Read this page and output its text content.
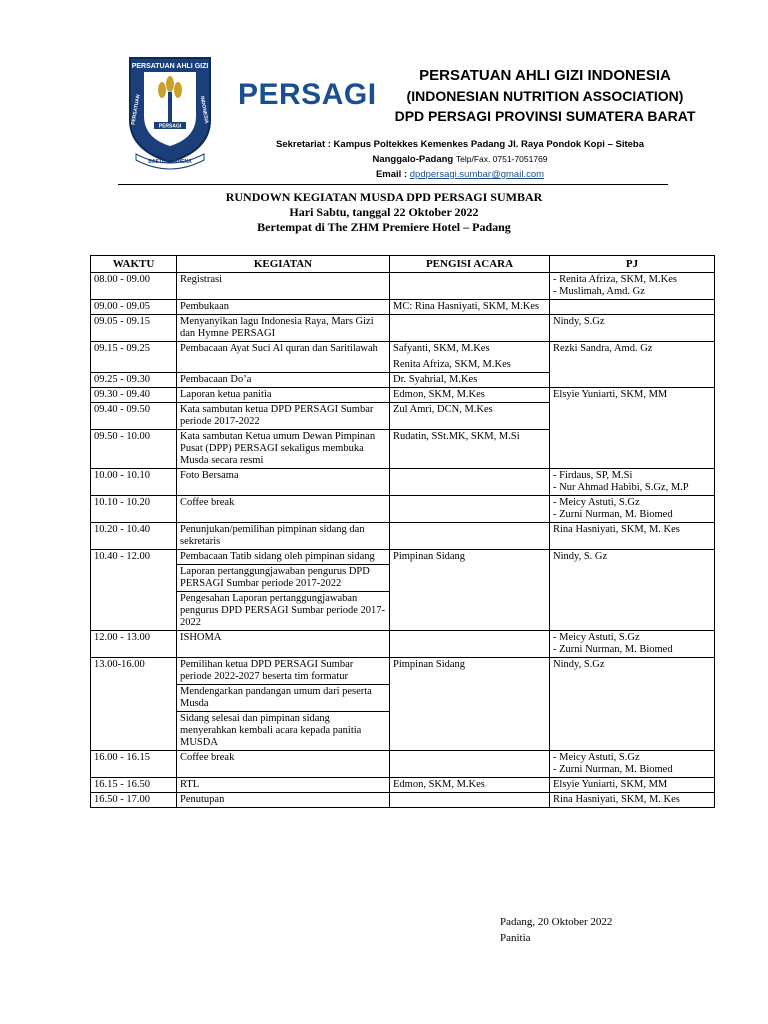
PERSATUAN AHLI GIZI
PERSATUAN	INDONESIA
PERSAGI
BASTHA NAHENA
PERSAGI
PERSATUAN AHLI GIZI INDONESIA
(INDONESIAN NUTRITION ASSOCIATION)
DPD PERSAGI PROVINSI SUMATERA BARAT
Sekretariat : Kampus Poltekkes Kemenkes Padang Jl. Raya Pondok Kopi – Siteba
Nanggalo-Padang Telp/Fax. 0751-7051769
Email : dpdpersagi.sumbar@gmail.com
RUNDOWN KEGIATAN MUSDA DPD PERSAGI SUMBAR
Hari Sabtu, tanggal 22 Oktober 2022
Bertempat di The ZHM Premiere Hotel – Padang
WAKTU	KEGIATAN	PENGISI ACARA	PJ
08.00 - 09.00	Registrasi		- Renita Afriza, SKM, M.Kes
- Muslimah, Amd. Gz

09.00 - 09.05	Pembukaan	MC: Rina Hasniyati, SKM, M.Kes	
09.05 - 09.15	Menyanyikan lagu Indonesia Raya, Mars Gizi dan Hymne PERSAGI		Nindy, S.Gz
09.15 - 09.25	Pembacaan Ayat Suci Al quran dan Saritilawah	Safyanti, SKM, M.Kes
Renita Afriza, SKM, M.Kes	Rezki Sandra, Amd. Gz
09.25 - 09.30	Pembacaan Do’a	Dr. Syahrial, M.Kes	
09.30 - 09.40	Laporan ketua panitia	Edmon, SKM, M.Kes	Elsyie Yuniarti, SKM, MM
09.40 - 09.50	Kata sambutan ketua DPD PERSAGI Sumbar periode 2017-2022	Zul Amri, DCN, M.Kes	
09.50 - 10.00	Kata sambutan Ketua umum Dewan Pimpinan Pusat (DPP) PERSAGI sekaligus membuka Musda secara resmi	Rudatin, SSt.MK, SKM, M.Si	
10.00 - 10.10	Foto Bersama		- Firdaus, SP, M.Si
- Nur Ahmad Habibi, S.Gz, M.P

10.10 - 10.20	Coffee break		- Meicy Astuti, S.Gz
- Zurni Nurman, M. Biomed

10.20 - 10.40	Penunjukan/pemilihan pimpinan sidang dan sekretaris		Rina Hasniyati, SKM, M. Kes
10.40 - 12.00	Pembacaan Tatib sidang oleh pimpinan sidang	Pimpinan Sidang	Nindy, S. Gz
	Laporan pertanggungjawaban pengurus DPD PERSAGI Sumbar periode 2017-2022		
	Pengesahan Laporan pertanggungjawaban pengurus DPD PERSAGI Sumbar periode 2017-2022		
12.00 - 13.00	ISHOMA		- Meicy Astuti, S.Gz
- Zurni Nurman, M. Biomed

13.00-16.00	Pemilihan ketua DPD PERSAGI Sumbar periode 2022-2027 beserta tim formatur	Pimpinan Sidang	Nindy, S.Gz
	Mendengarkan pandangan umum dari peserta Musda		
	Sidang selesai dan pimpinan sidang menyerahkan kembali acara kepada panitia MUSDA		
16.00 - 16.15	Coffee break		- Meicy Astuti, S.Gz
- Zurni Nurman, M. Biomed

16.15 - 16.50	RTL	Edmon, SKM, M.Kes	Elsyie Yuniarti, SKM, MM
16.50 - 17.00	Penutupan		Rina Hasniyati, SKM, M. Kes
Padang, 20 Oktober 2022
Panitia
